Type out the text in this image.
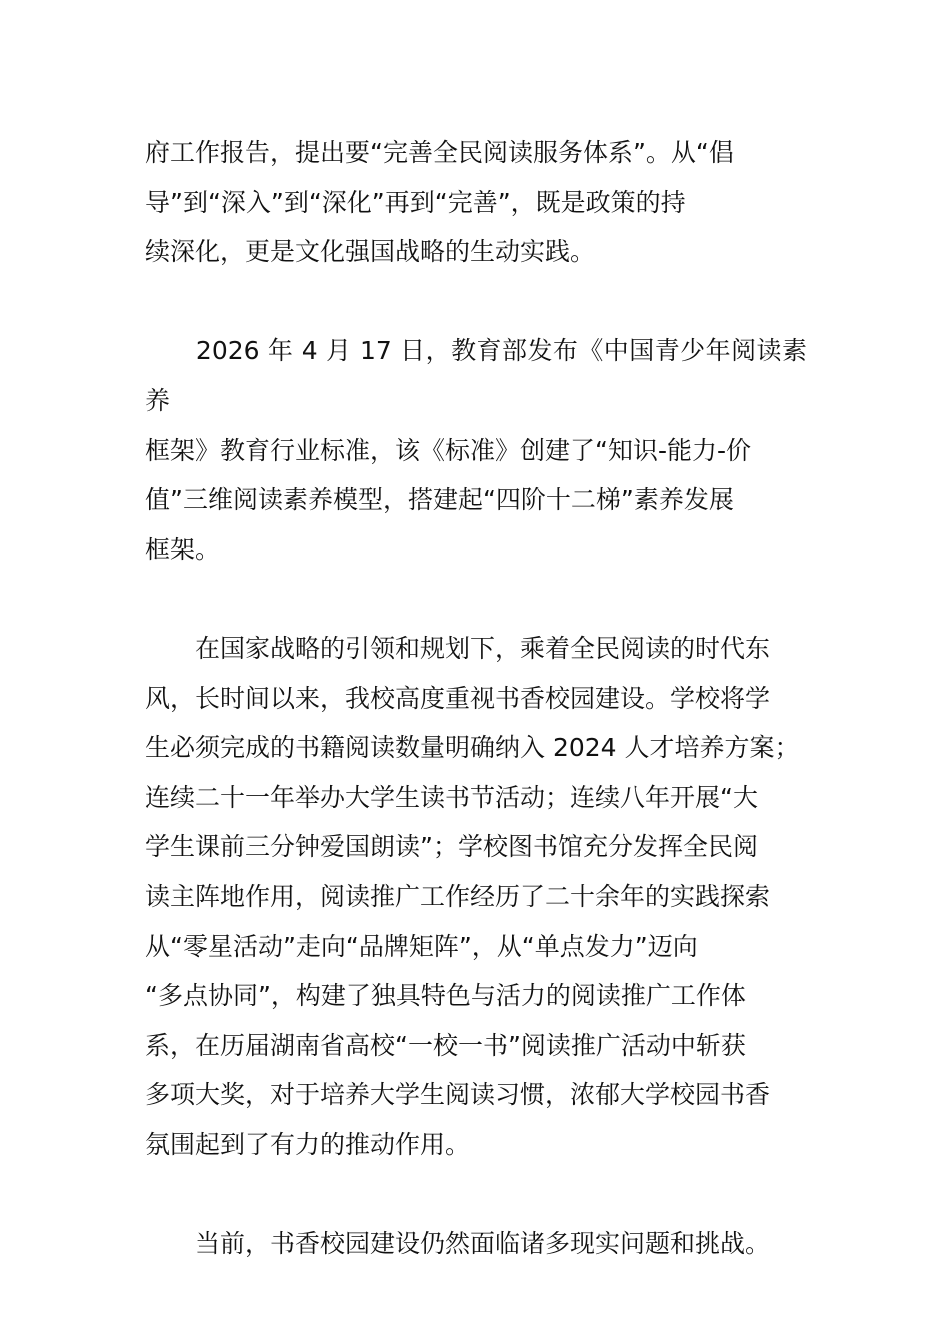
府工作报告，提出要“完善全民阅读服务体系”。从“倡
导”到“深入”到“深化”再到“完善”，既是政策的持
续深化，更是文化强国战略的生动实践。

　　2026 年 4 月 17 日，教育部发布《中国青少年阅读素养
框架》教育行业标准，该《标准》创建了“知识-能力-价
值”三维阅读素养模型，搭建起“四阶十二梯”素养发展
框架。

　　在国家战略的引领和规划下，乘着全民阅读的时代东
风，长时间以来，我校高度重视书香校园建设。学校将学
生必须完成的书籍阅读数量明确纳入 2024 人才培养方案；
连续二十一年举办大学生读书节活动；连续八年开展“大
学生课前三分钟爱国朗读”；学校图书馆充分发挥全民阅
读主阵地作用，阅读推广工作经历了二十余年的实践探索
从“零星活动”走向“品牌矩阵”，从“单点发力”迈向
“多点协同”，构建了独具特色与活力的阅读推广工作体
系，在历届湖南省高校“一校一书”阅读推广活动中斩获
多项大奖，对于培养大学生阅读习惯，浓郁大学校园书香
氛围起到了有力的推动作用。

　　当前，书香校园建设仍然面临诸多现实问题和挑战。
